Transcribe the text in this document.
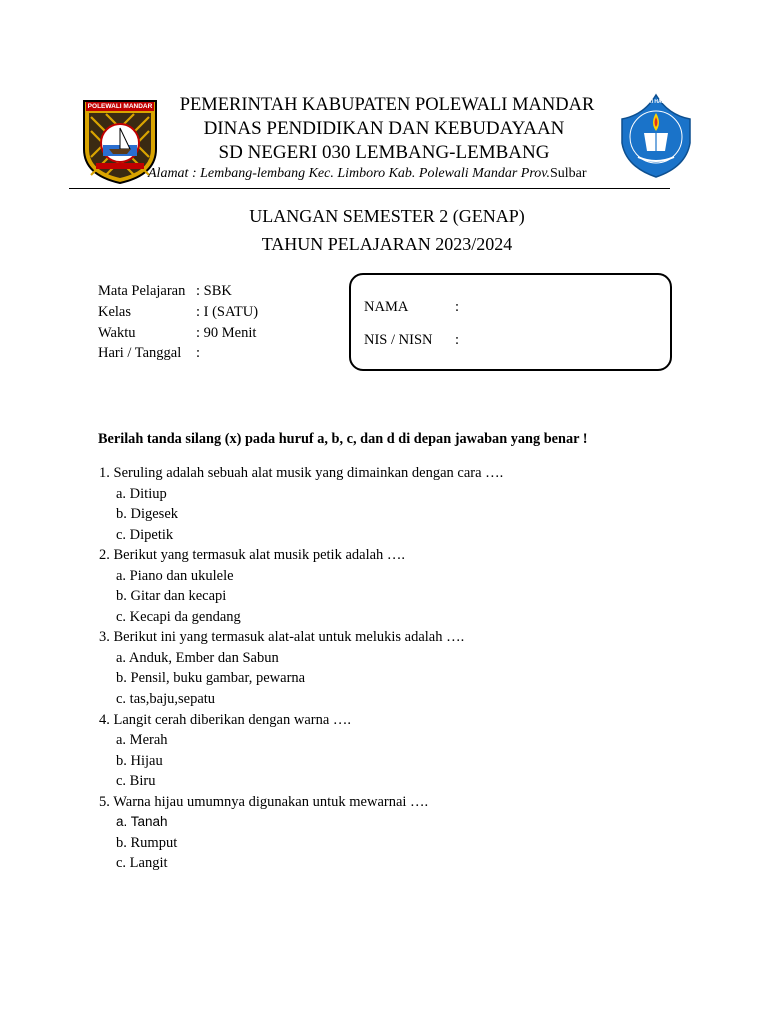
POLEWALI MANDAR
TUT WURI HANDAYANI
PEMERINTAH KABUPATEN POLEWALI MANDAR
DINAS PENDIDIKAN DAN KEBUDAYAAN
SD NEGERI 030 LEMBANG-LEMBANG
Alamat : Lembang-lembang Kec. Limboro Kab. Polewali Mandar Prov.Sulbar
ULANGAN SEMESTER 2 (GENAP)
TAHUN PELAJARAN 2023/2024
Mata Pelajaran : SBK
Kelas	: I (SATU)
Waktu	: 90 Menit
Hari / Tanggal	:
NAMA	:
NIS / NISN :
Berilah tanda silang (x) pada huruf a, b, c, dan d di depan jawaban yang benar !
1. Seruling adalah sebuah alat musik yang dimainkan dengan cara ….
a. Ditiup
b. Digesek
c. Dipetik
2. Berikut yang termasuk alat musik petik adalah ….
a. Piano dan ukulele
b. Gitar dan kecapi
c. Kecapi da gendang
3. Berikut ini yang termasuk alat-alat untuk melukis adalah ….
a. Anduk, Ember dan Sabun
b. Pensil, buku gambar, pewarna
c. tas,baju,sepatu
4. Langit cerah diberikan dengan warna ….
a. Merah
b. Hijau
c. Biru
5. Warna hijau umumnya digunakan untuk mewarnai ….
a. Tanah
b. Rumput
c. Langit
